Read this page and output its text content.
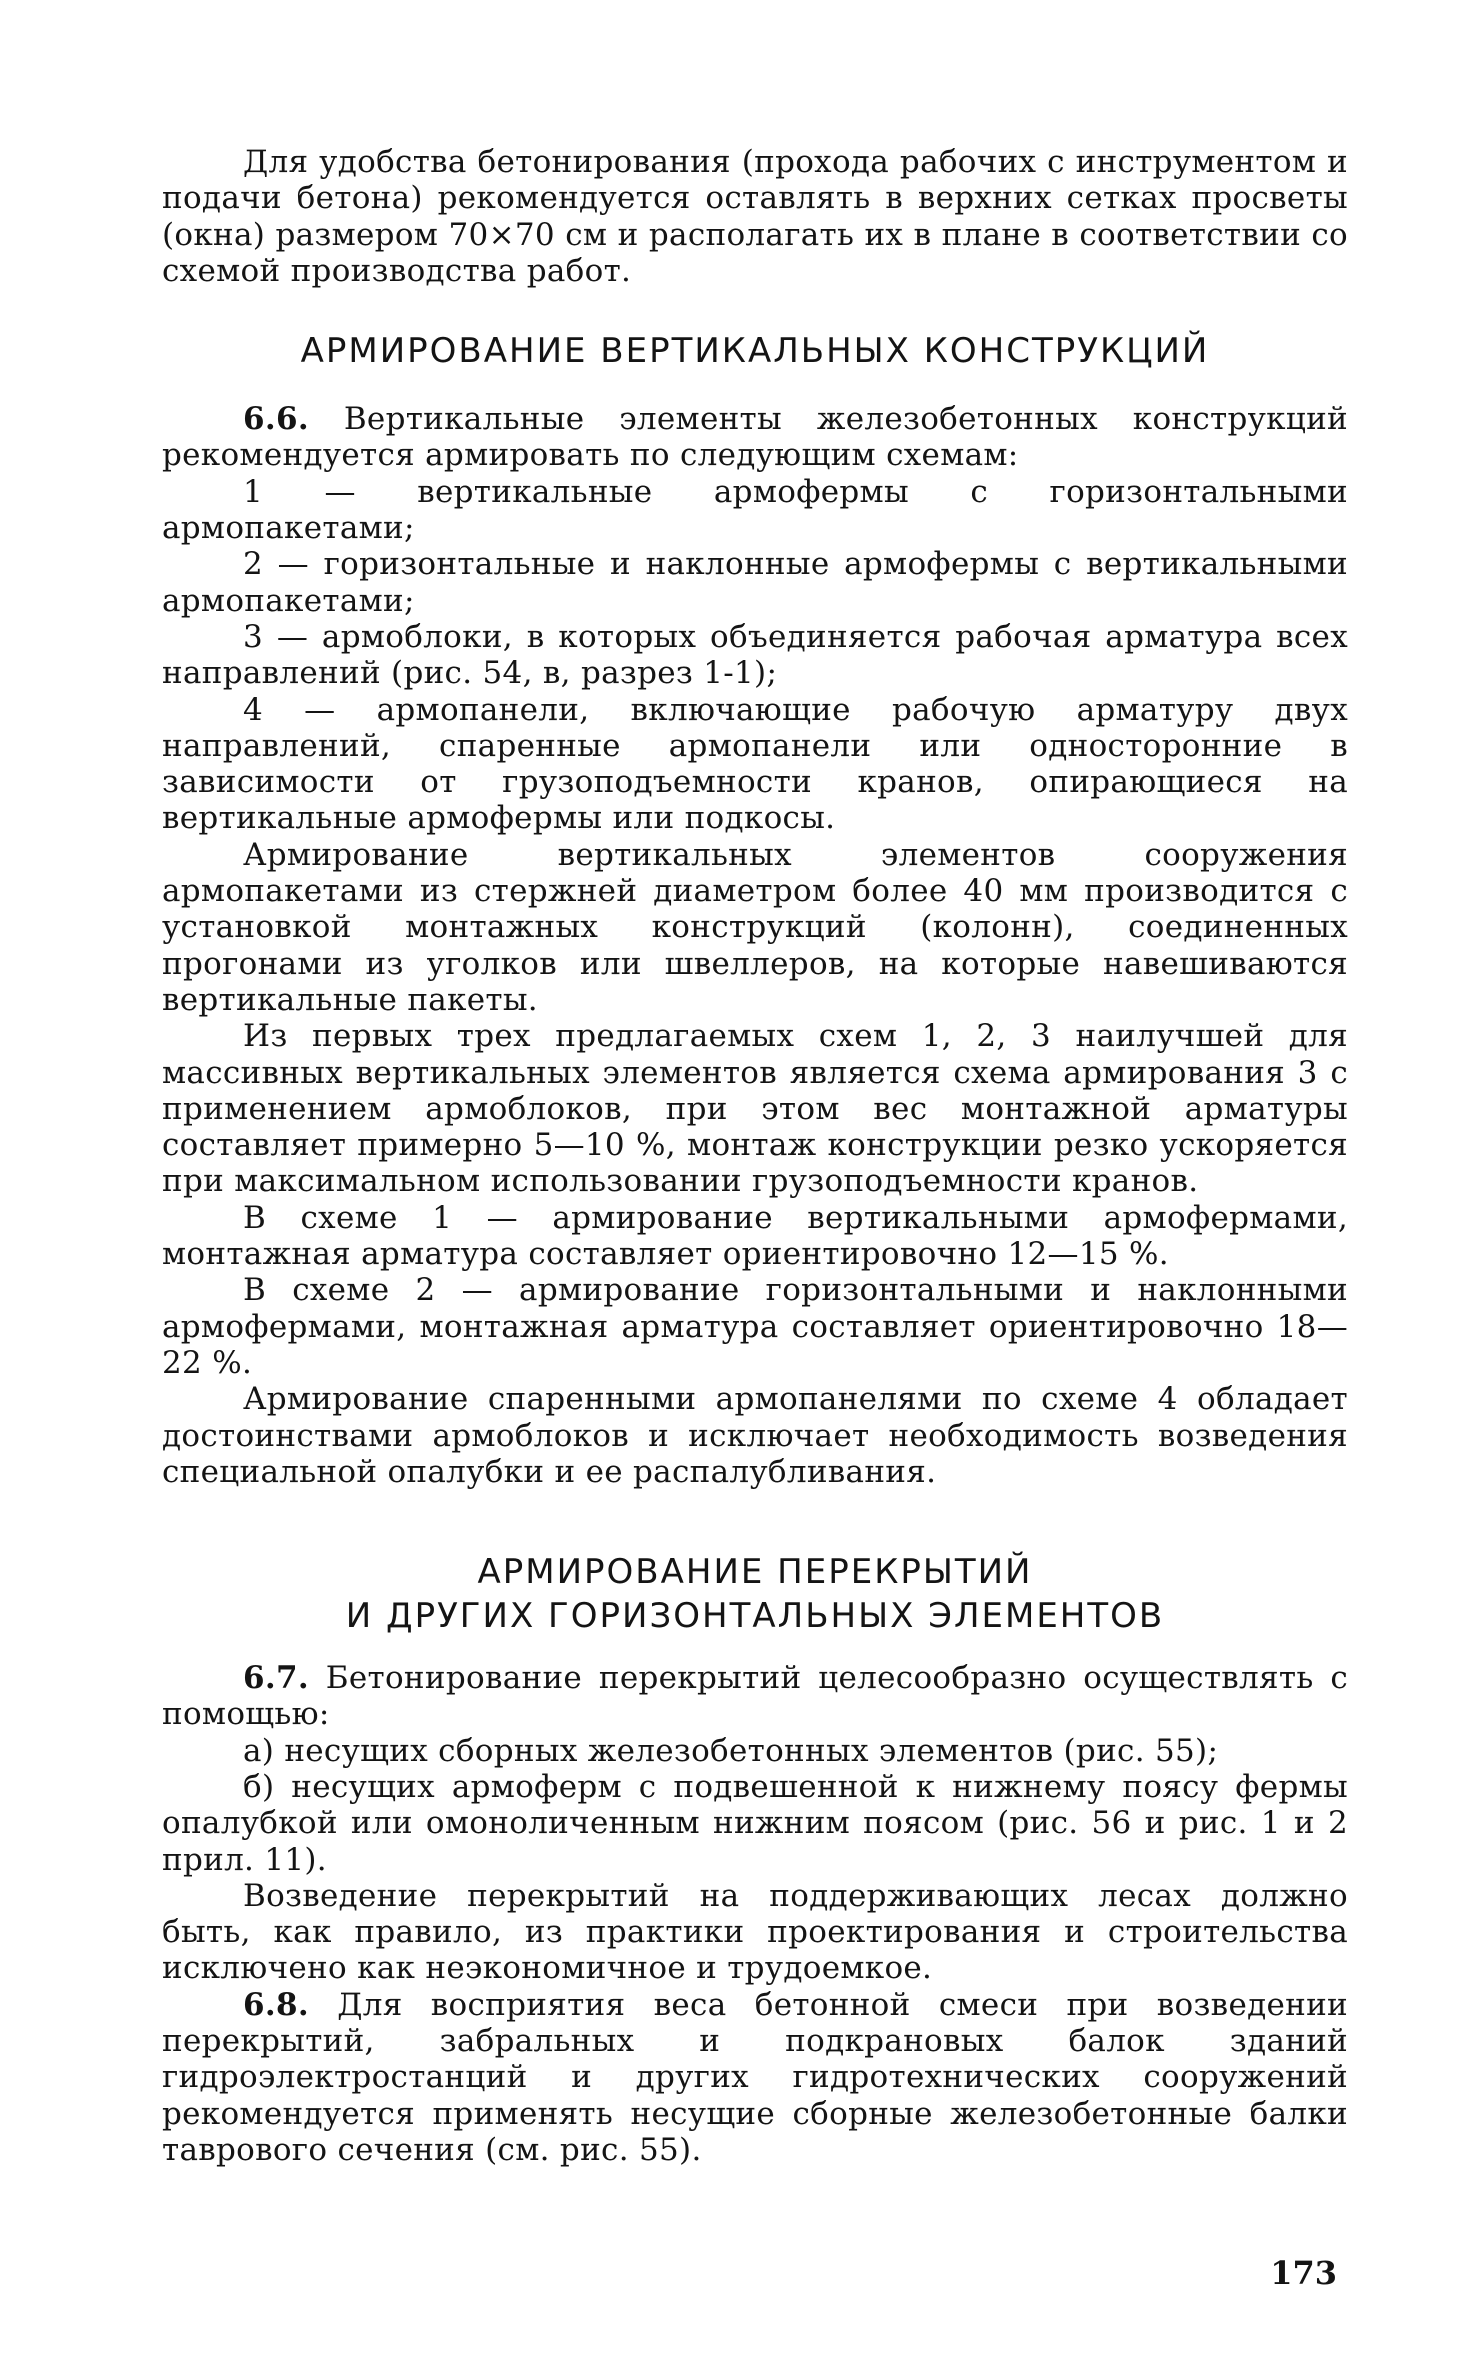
Для удобства бетонирования (прохода рабочих с инструментом и подачи бетона) рекомендуется оставлять в верхних сетках просветы (окна) размером 70×70 см и располагать их в плане в соответствии со схемой производства работ.

АРМИРОВАНИЕ ВЕРТИКАЛЬНЫХ КОНСТРУКЦИЙ

6.6. Вертикальные элементы железобетонных конструкций рекомендуется армировать по следующим схемам:

1 — вертикальные армофермы с горизонтальными армопакетами;

2 — горизонтальные и наклонные армофермы с вертикальными армопакетами;

3 — армоблоки, в которых объединяется рабочая арматура всех направлений (рис. 54, в, разрез 1-1);

4 — армопанели, включающие рабочую арматуру двух направлений, спаренные армопанели или односторонние в зависимости от грузоподъемности кранов, опирающиеся на вертикальные армофермы или подкосы.

Армирование вертикальных элементов сооружения армопакетами из стержней диаметром более 40 мм производится с установкой монтажных конструкций (колонн), соединенных прогонами из уголков или швеллеров, на которые навешиваются вертикальные пакеты.

Из первых трех предлагаемых схем 1, 2, 3 наилучшей для массивных вертикальных элементов является схема армирования 3 с применением армоблоков, при этом вес монтажной арматуры составляет примерно 5—10 %, монтаж конструкции резко ускоряется при максимальном использовании грузоподъемности кранов.

В схеме 1 — армирование вертикальными армофермами, монтажная арматура составляет ориентировочно 12—15 %.

В схеме 2 — армирование горизонтальными и наклонными армофермами, монтажная арматура составляет ориентировочно 18—22 %.

Армирование спаренными армопанелями по схеме 4 обладает достоинствами армоблоков и исключает необходимость возведения специальной опалубки и ее распалубливания.

АРМИРОВАНИЕ ПЕРЕКРЫТИЙ
И ДРУГИХ ГОРИЗОНТАЛЬНЫХ ЭЛЕМЕНТОВ

6.7. Бетонирование перекрытий целесообразно осуществлять с помощью:

а) несущих сборных железобетонных элементов (рис. 55);

б) несущих армоферм с подвешенной к нижнему поясу фермы опалубкой или омоноличенным нижним поясом (рис. 56 и рис. 1 и 2 прил. 11).

Возведение перекрытий на поддерживающих лесах должно быть, как правило, из практики проектирования и строительства исключено как неэкономичное и трудоемкое.

6.8. Для восприятия веса бетонной смеси при возведении перекрытий, забральных и подкрановых балок зданий гидроэлектростанций и других гидротехнических сооружений рекомендуется применять несущие сборные железобетонные балки таврового сечения (см. рис. 55).

173
